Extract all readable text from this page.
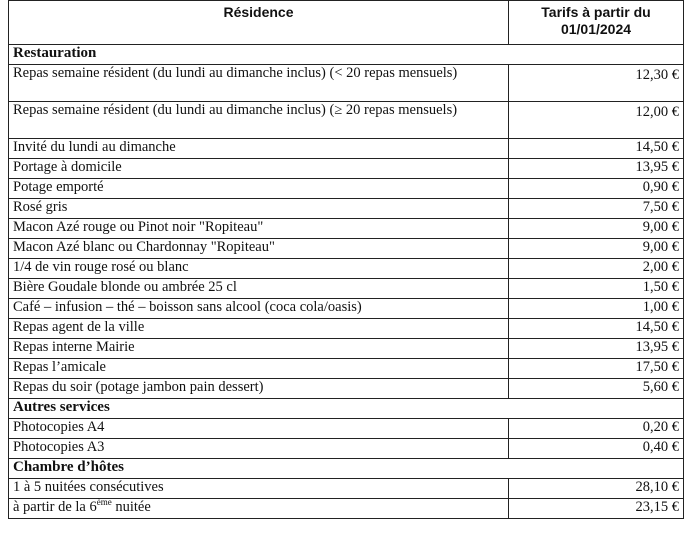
Résidence	Tarifs à partir du
01/01/2024
Restauration	
Repas semaine résident (du lundi au dimanche inclus) (< 20 repas mensuels)	12,30 €
Repas semaine résident (du lundi au dimanche inclus) (≥ 20 repas mensuels)	12,00 €
Invité du lundi au dimanche	14,50 €
Portage à domicile	13,95 €
Potage emporté	0,90 €
Rosé gris	7,50 €
Macon Azé rouge ou Pinot noir "Ropiteau"	9,00 €
Macon Azé blanc ou Chardonnay "Ropiteau"	9,00 €
1/4 de vin rouge rosé ou blanc	2,00 €
Bière Goudale blonde ou ambrée 25 cl	1,50 €
Café – infusion – thé – boisson sans alcool (coca cola/oasis)	1,00 €
Repas agent de la ville	14,50 €
Repas interne Mairie	13,95 €
Repas l’amicale	17,50 €
Repas du soir (potage jambon pain dessert)	5,60 €
Autres services	
Photocopies A4	0,20 €
Photocopies A3	0,40 €
Chambre d’hôtes	
1 à 5 nuitées consécutives	28,10 €
à partir de la 6ème nuitée	23,15 €
